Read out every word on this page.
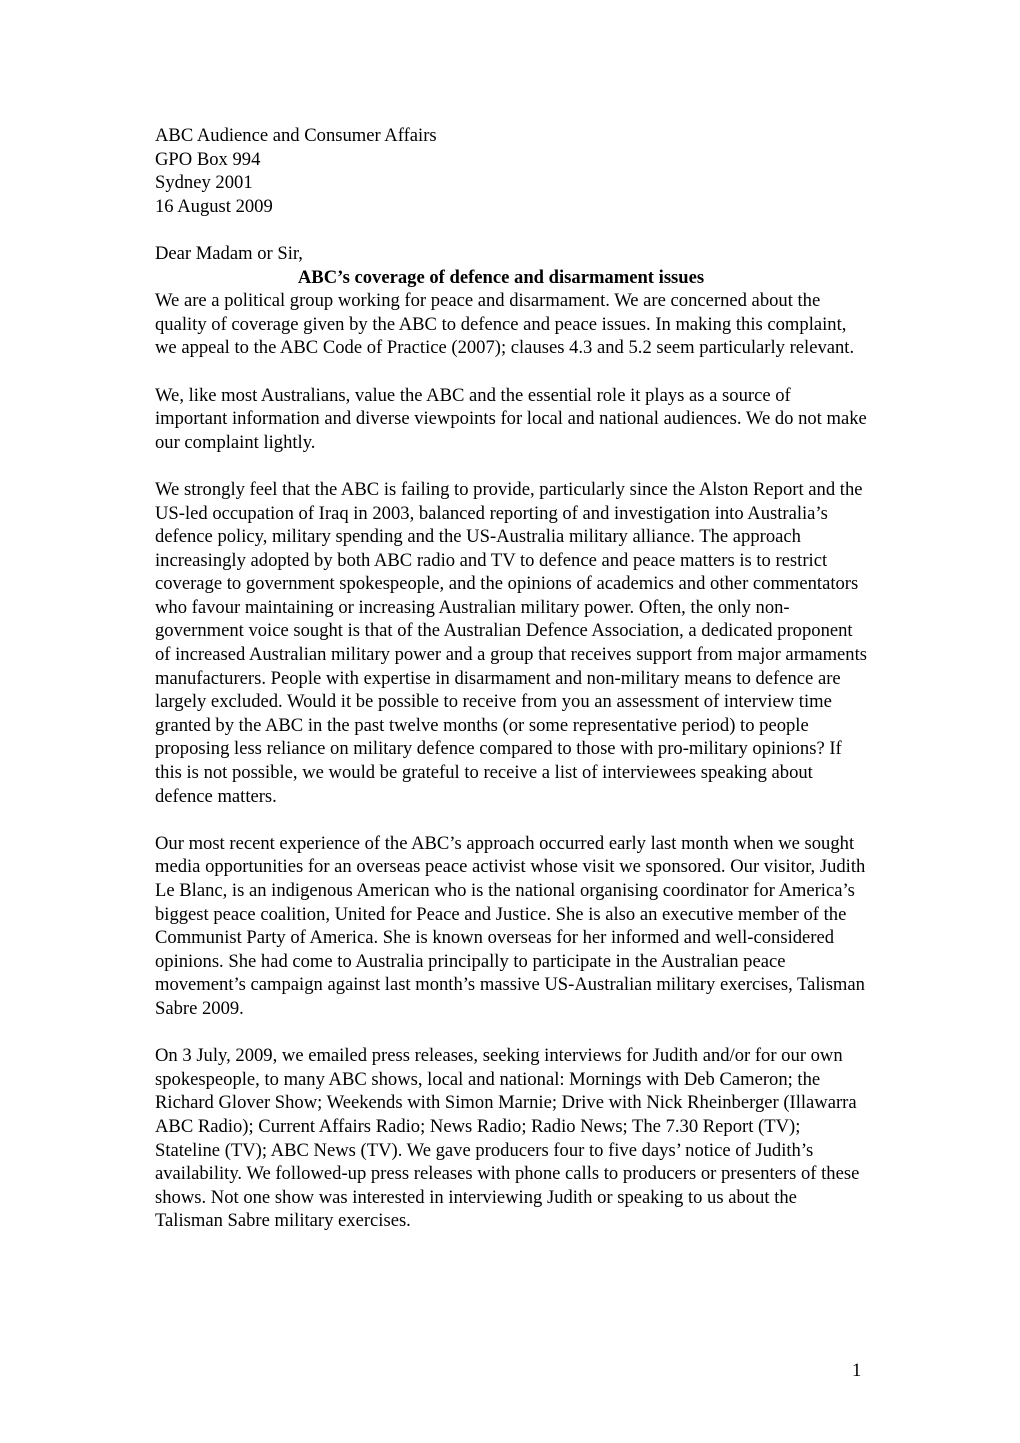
ABC Audience and Consumer Affairs
GPO Box 994
Sydney 2001
16 August 2009
Dear Madam or Sir,
ABC’s coverage of defence and disarmament issues

We are a political group working for peace and disarmament. We are concerned about the quality of coverage given by the ABC to defence and peace issues. In making this complaint, we appeal to the ABC Code of Practice (2007); clauses 4.3 and 5.2 seem particularly relevant.

We, like most Australians, value the ABC and the essential role it plays as a source of important information and diverse viewpoints for local and national audiences. We do not make our complaint lightly.

We strongly feel that the ABC is failing to provide, particularly since the Alston Report and the US-led occupation of Iraq in 2003, balanced reporting of and investigation into Australia’s defence policy, military spending and the US-Australia military alliance. The approach increasingly adopted by both ABC radio and TV to defence and peace matters is to restrict coverage to government spokespeople, and the opinions of academics and other commentators who favour maintaining or increasing Australian military power. Often, the only non-government voice sought is that of the Australian Defence Association, a dedicated proponent of increased Australian military power and a group that receives support from major armaments manufacturers. People with expertise in disarmament and non-military means to defence are largely excluded. Would it be possible to receive from you an assessment of interview time granted by the ABC in the past twelve months (or some representative period) to people proposing less reliance on military defence compared to those with pro-military opinions? If this is not possible, we would be grateful to receive a list of interviewees speaking about defence matters.

Our most recent experience of the ABC’s approach occurred early last month when we sought media opportunities for an overseas peace activist whose visit we sponsored. Our visitor, Judith Le Blanc, is an indigenous American who is the national organising coordinator for America’s biggest peace coalition, United for Peace and Justice. She is also an executive member of the Communist Party of America. She is known overseas for her informed and well-considered opinions. She had come to Australia principally to participate in the Australian peace movement’s campaign against last month’s massive US-Australian military exercises, Talisman Sabre 2009.

On 3 July, 2009, we emailed press releases, seeking interviews for Judith and/or for our own spokespeople, to many ABC shows, local and national: Mornings with Deb Cameron; the Richard Glover Show; Weekends with Simon Marnie; Drive with Nick Rheinberger (Illawarra ABC Radio); Current Affairs Radio; News Radio; Radio News; The 7.30 Report (TV); Stateline (TV); ABC News (TV). We gave producers four to five days’ notice of Judith’s availability. We followed-up press releases with phone calls to producers or presenters of these shows. Not one show was interested in interviewing Judith or speaking to us about the Talisman Sabre military exercises.

1
